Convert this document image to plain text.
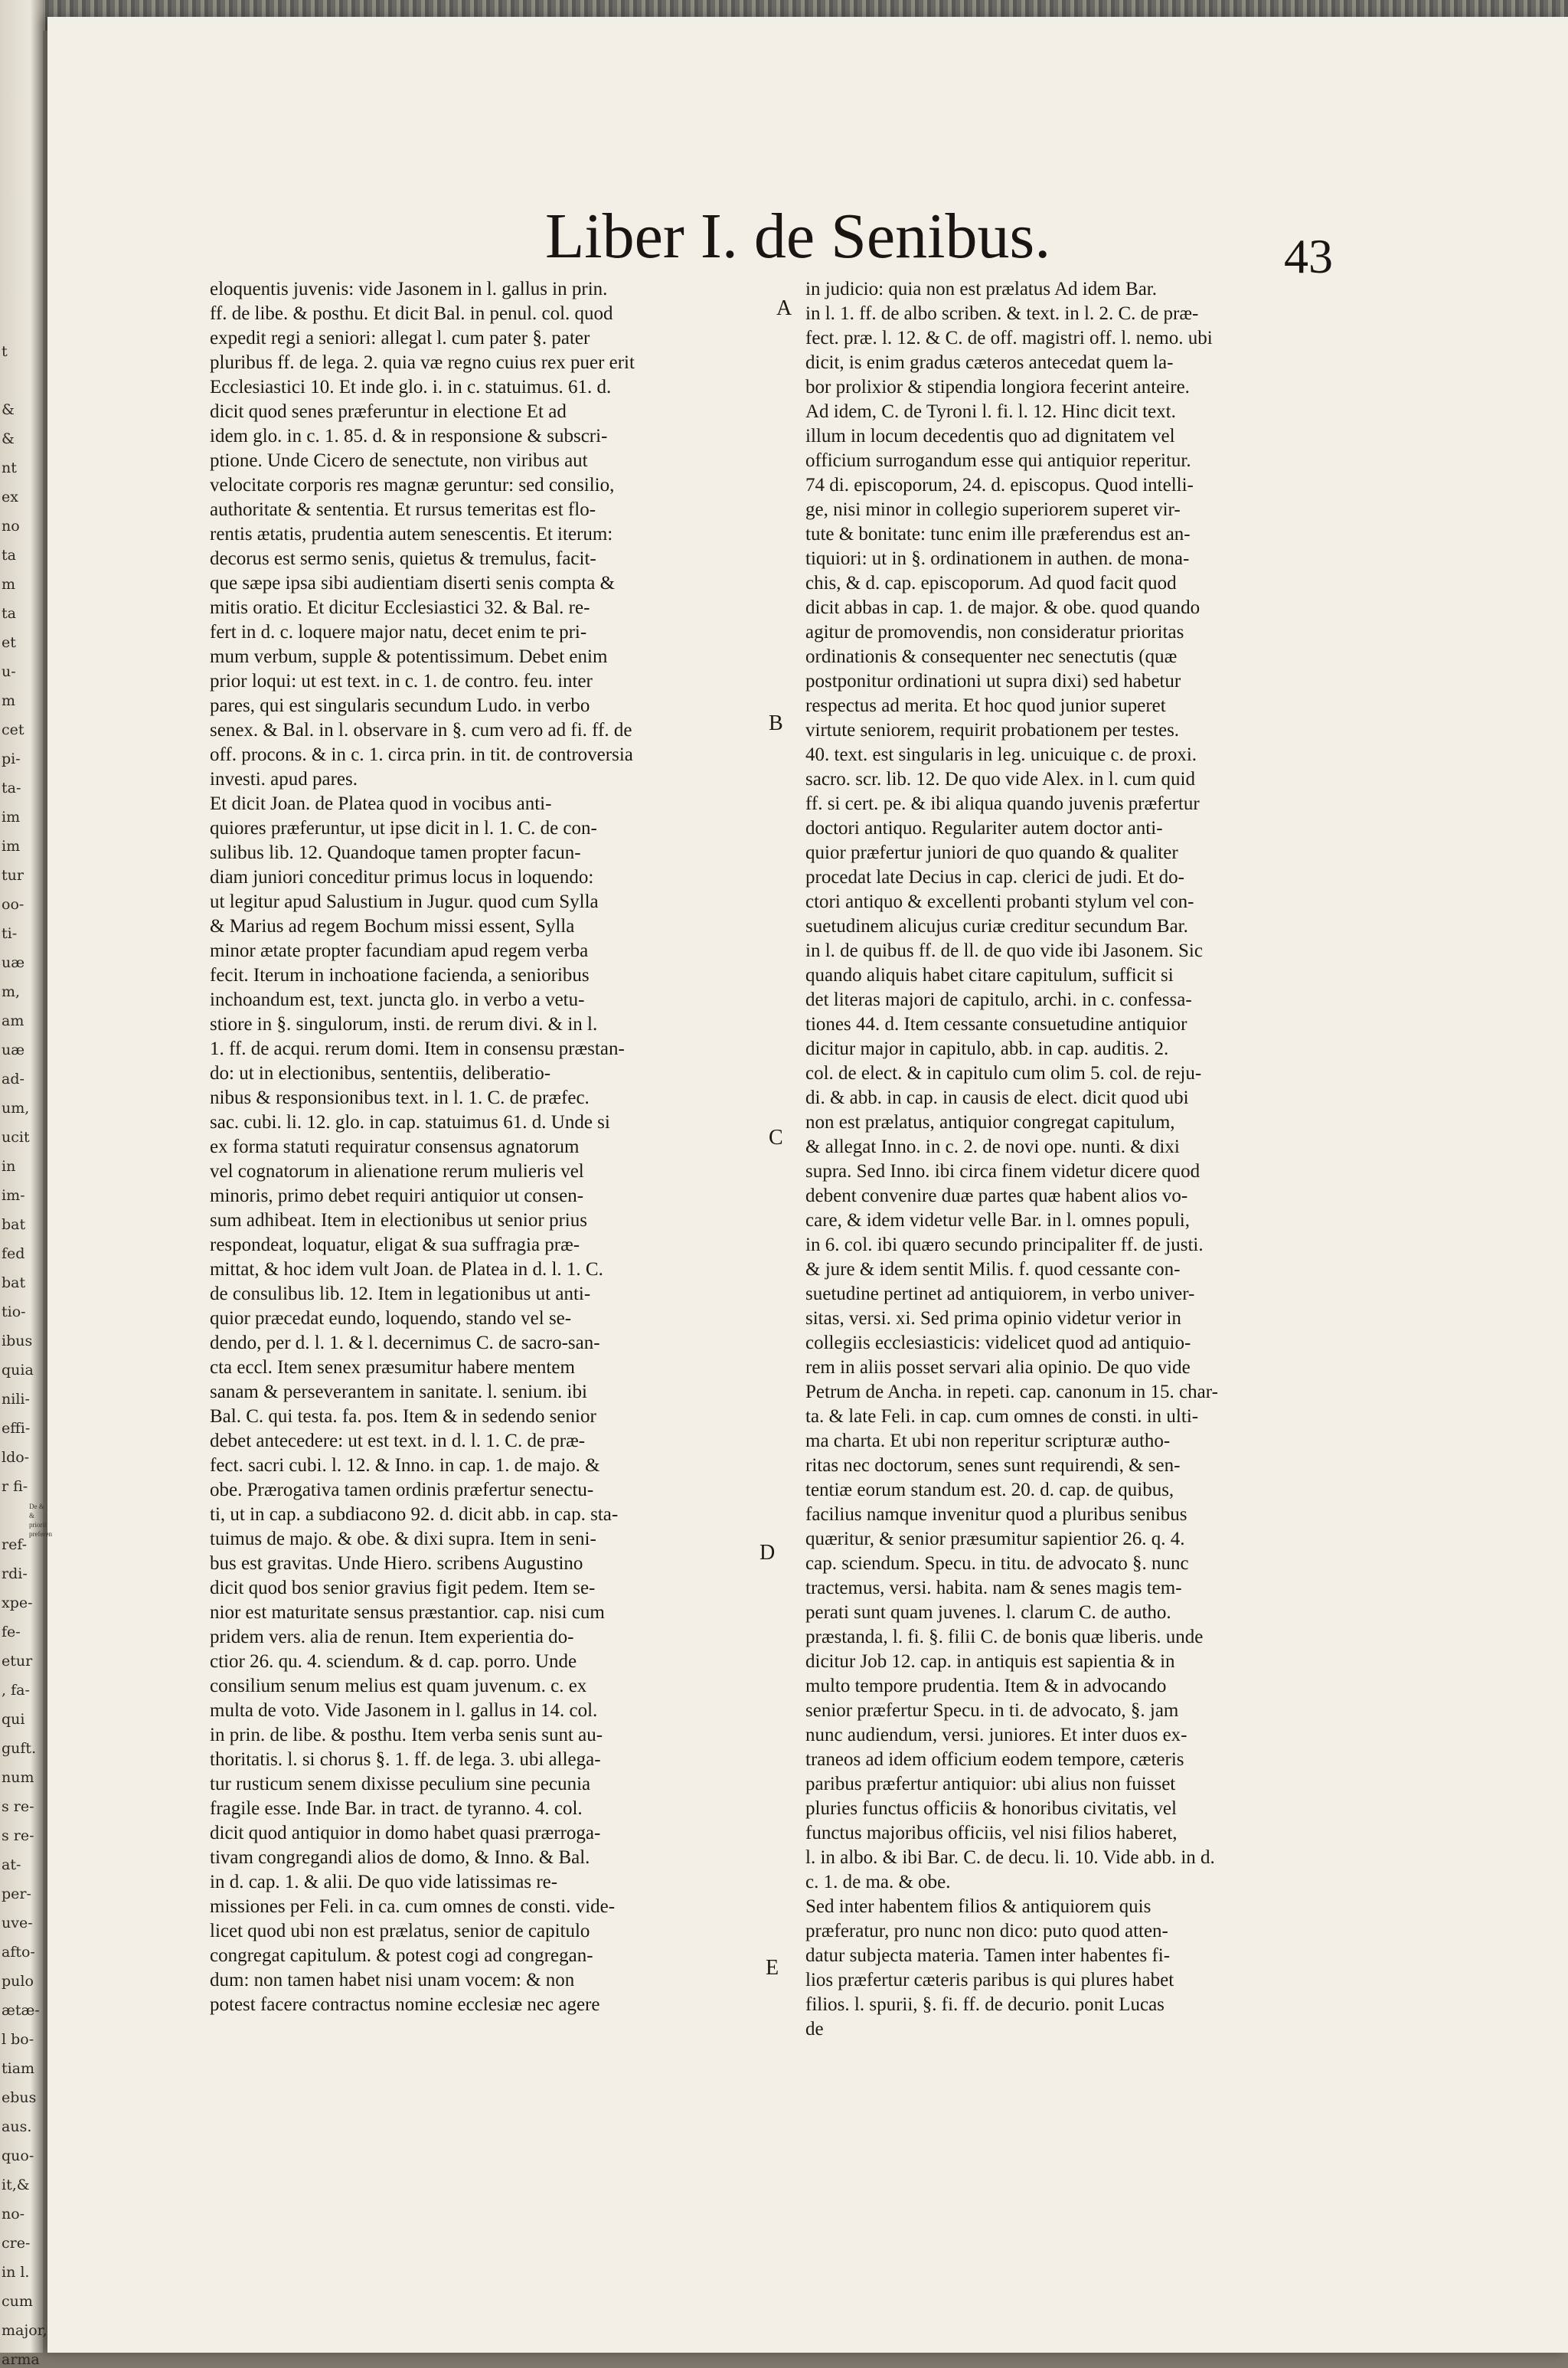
t
&
&
nt
ex
no
ta
m
ta
et
u-
m
cet
pi-
ta-
im
im
tur
oo-
ti-
uæ
m,
am
uæ
ad-
um,
ucit
in
im-
bat
fed
bat
tio-
ibus
quia
nili-
effi-
ldo-
r fi-
ref-
rdi-
xpe-
fe-
etur
, fa-
qui
guft.
num
s re-
s re-
at-
per-
uve-
afto-
pulo
ætæ-
l bo-
tiam
ebus
aus.
quo-
it,&
no-
cre-
in l.
cum
major,
arma
Liber I. de Senibus.	43
A
B
C
D
E
eloquentis juvenis: vide Jasonem in l. gallus in prin.
ff. de libe. & posthu. Et dicit Bal. in penul. col. quod
expedit regi a seniori: allegat l. cum pater §. pater
pluribus ff. de lega. 2. quia væ regno cuius rex puer erit
Ecclesiastici 10. Et inde glo. i. in c. statuimus. 61. d.
dicit quod senes præferuntur in electione Et ad
idem glo. in c. 1. 85. d. & in responsione & subscri-
ptione. Unde Cicero de senectute, non viribus aut
velocitate corporis res magnæ geruntur: sed consilio,
authoritate & sententia. Et rursus temeritas est flo-
rentis ætatis, prudentia autem senescentis. Et iterum:
decorus est sermo senis, quietus & tremulus, facit-
que sæpe ipsa sibi audientiam diserti senis compta &
mitis oratio. Et dicitur Ecclesiastici 32. & Bal. re-
fert in d. c. loquere major natu, decet enim te pri-
mum verbum, supple & potentissimum. Debet enim
prior loqui: ut est text. in c. 1. de contro. feu. inter
pares, qui est singularis secundum Ludo. in verbo
senex. & Bal. in l. observare in §. cum vero ad fi. ff. de
off. procons. & in c. 1. circa prin. in tit. de controversia
investi. apud pares.
Et dicit Joan. de Platea quod in vocibus anti-
quiores præferuntur, ut ipse dicit in l. 1. C. de con-
sulibus lib. 12. Quandoque tamen propter facun-
diam juniori conceditur primus locus in loquendo:
ut legitur apud Salustium in Jugur. quod cum Sylla
& Marius ad regem Bochum missi essent, Sylla
minor ætate propter facundiam apud regem verba
fecit. Iterum in inchoatione facienda, a senioribus
inchoandum est, text. juncta glo. in verbo a vetu-
stiore in §. singulorum, insti. de rerum divi. & in l.
1. ff. de acqui. rerum domi. Item in consensu præstan-
do: ut in electionibus, sententiis, deliberatio-
nibus & responsionibus text. in l. 1. C. de præfec.
sac. cubi. li. 12. glo. in cap. statuimus 61. d. Unde si
ex forma statuti requiratur consensus agnatorum
vel cognatorum in alienatione rerum mulieris vel
minoris, primo debet requiri antiquior ut consen-
sum adhibeat. Item in electionibus ut senior prius
respondeat, loquatur, eligat & sua suffragia præ-
mittat, & hoc idem vult Joan. de Platea in d. l. 1. C.
de consulibus lib. 12. Item in legationibus ut anti-
quior præcedat eundo, loquendo, stando vel se-
dendo, per d. l. 1. & l. decernimus C. de sacro-san-
cta eccl. Item senex præsumitur habere mentem
sanam & perseverantem in sanitate. l. senium. ibi
Bal. C. qui testa. fa. pos. Item & in sedendo senior
debet antecedere: ut est text. in d. l. 1. C. de præ-
fect. sacri cubi. l. 12. & Inno. in cap. 1. de majo. &
obe. Prærogativa tamen ordinis præfertur senectu-
ti, ut in cap. a subdiacono 92. d. dicit abb. in cap. sta-
tuimus de majo. & obe. & dixi supra. Item in seni-
bus est gravitas. Unde Hiero. scribens Augustino
dicit quod bos senior gravius figit pedem. Item se-
nior est maturitate sensus præstantior. cap. nisi cum
pridem vers. alia de renun. Item experientia do-
ctior 26. qu. 4. sciendum. & d. cap. porro. Unde
consilium senum melius est quam juvenum. c. ex
multa de voto. Vide Jasonem in l. gallus in 14. col.
in prin. de libe. & posthu. Item verba senis sunt au-
thoritatis. l. si chorus §. 1. ff. de lega. 3. ubi allega-
tur rusticum senem dixisse peculium sine pecunia
fragile esse. Inde Bar. in tract. de tyranno. 4. col.
dicit quod antiquior in domo habet quasi prærroga-
tivam congregandi alios de domo, & Inno. & Bal.
in d. cap. 1. & alii. De quo vide latissimas re-
missiones per Feli. in ca. cum omnes de consti. vide-
licet quod ubi non est prælatus, senior de capitulo
congregat capitulum. & potest cogi ad congregan-
dum: non tamen habet nisi unam vocem: & non
potest facere contractus nomine ecclesiæ nec agere
in judicio: quia non est prælatus Ad idem Bar.
in l. 1. ff. de albo scriben. & text. in l. 2. C. de præ-
fect. præ. l. 12. & C. de off. magistri off. l. nemo. ubi
dicit, is enim gradus cæteros antecedat quem la-
bor prolixior & stipendia longiora fecerint anteire.
Ad idem, C. de Tyroni l. fi. l. 12. Hinc dicit text.
illum in locum decedentis quo ad dignitatem vel
officium surrogandum esse qui antiquior reperitur.
74 di. episcoporum, 24. d. episcopus. Quod intelli-
ge, nisi minor in collegio superiorem superet vir-
tute & bonitate: tunc enim ille præferendus est an-
tiquiori: ut in §. ordinationem in authen. de mona-
chis, & d. cap. episcoporum. Ad quod facit quod
dicit abbas in cap. 1. de major. & obe. quod quando
agitur de promovendis, non consideratur prioritas
ordinationis & consequenter nec senectutis (quæ
postponitur ordinationi ut supra dixi) sed habetur
respectus ad merita. Et hoc quod junior superet
virtute seniorem, requirit probationem per testes.
40. text. est singularis in leg. unicuique c. de proxi.
sacro. scr. lib. 12. De quo vide Alex. in l. cum quid
ff. si cert. pe. & ibi aliqua quando juvenis præfertur
doctori antiquo. Regulariter autem doctor anti-
quior præfertur juniori de quo quando & qualiter
procedat late Decius in cap. clerici de judi. Et do-
ctori antiquo & excellenti probanti stylum vel con-
suetudinem alicujus curiæ creditur secundum Bar.
in l. de quibus ff. de ll. de quo vide ibi Jasonem. Sic
quando aliquis habet citare capitulum, sufficit si
det literas majori de capitulo, archi. in c. confessa-
tiones 44. d. Item cessante consuetudine antiquior
dicitur major in capitulo, abb. in cap. auditis. 2.
col. de elect. & in capitulo cum olim 5. col. de reju-
di. & abb. in cap. in causis de elect. dicit quod ubi
non est prælatus, antiquior congregat capitulum,
& allegat Inno. in c. 2. de novi ope. nunti. & dixi
supra. Sed Inno. ibi circa finem videtur dicere quod
debent convenire duæ partes quæ habent alios vo-
care, & idem videtur velle Bar. in l. omnes populi,
in 6. col. ibi quæro secundo principaliter ff. de justi.
& jure & idem sentit Milis. f. quod cessante con-
suetudine pertinet ad antiquiorem, in verbo univer-
sitas, versi. xi. Sed prima opinio videtur verior in
collegiis ecclesiasticis: videlicet quod ad antiquio-
rem in aliis posset servari alia opinio. De quo vide
Petrum de Ancha. in repeti. cap. canonum in 15. char-
ta. & late Feli. in cap. cum omnes de consti. in ulti-
ma charta. Et ubi non reperitur scripturæ autho-
ritas nec doctorum, senes sunt requirendi, & sen-
tentiæ eorum standum est. 20. d. cap. de quibus,
facilius namque invenitur quod a pluribus senibus
quæritur, & senior præsumitur sapientior 26. q. 4.
cap. sciendum. Specu. in titu. de advocato §. nunc
tractemus, versi. habita. nam & senes magis tem-
perati sunt quam juvenes. l. clarum C. de autho.
præstanda, l. fi. §. filii C. de bonis quæ liberis. unde
dicitur Job 12. cap. in antiquis est sapientia & in
multo tempore prudentia. Item & in advocando
senior præfertur Specu. in ti. de advocato, §. jam
nunc audiendum, versi. juniores. Et inter duos ex-
traneos ad idem officium eodem tempore, cæteris
paribus præfertur antiquior: ubi alius non fuisset
pluries functus officiis & honoribus civitatis, vel
functus majoribus officiis, vel nisi filios haberet,
l. in albo. & ibi Bar. C. de decu. li. 10. Vide abb. in d.
c. 1. de ma. & obe.
Sed inter habentem filios & antiquiorem quis
præferatur, pro nunc non dico: puto quod atten-
datur subjecta materia. Tamen inter habentes fi-
lios præfertur cæteris paribus is qui plures habet
filios. l. spurii, §. fi. ff. de decurio. ponit Lucas
de
De &
&
priorit
preferen
